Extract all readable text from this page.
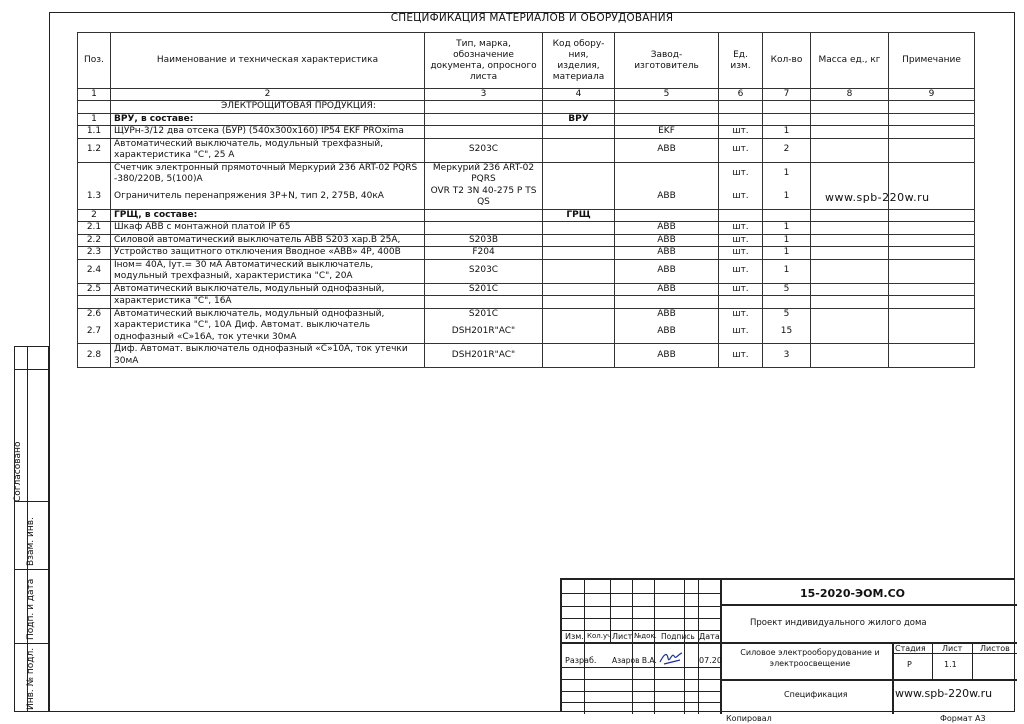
СПЕЦИФИКАЦИЯ МАТЕРИАЛОВ И ОБОРУДОВАНИЯ
Поз.	Наименование и техническая характеристика	Тип, марка, обозначение документа, опросного листа	Код обору- ния, изделия, материала	Завод- изготовитель	Ед. изм.	Кол-во	Масса ед., кг	Примечание
1	2	3	4	5	6	7	8	9
	ЭЛЕКТРОЩИТОВАЯ ПРОДУКЦИЯ:							
1	ВРУ, в составе:		ВРУ					
1.1	ЩУРн-3/12 два отсека (БУР) (540х300х160) IP54 EKF PROxima			EKF	шт.	1		
1.2	Автоматический выключатель, модульный трехфазный, характеристика "С", 25 А	S203C		ABB	шт.	2		
	Счетчик электронный прямоточный Меркурий 236 ART-02 PQRS -380/220В, 5(100)А	Меркурий 236 ART-02 PQRS			шт.	1		
1.3	Ограничитель перенапряжения 3P+N, тип 2, 275В, 40кА	OVR T2 3N 40-275 P TS QS		ABB	шт.	1		
2	ГРЩ, в составе:		ГРЩ					
2.1	Шкаф ABB с монтажной платой IP 65			ABB	шт.	1		
2.2	Силовой автоматический выключатель ABB S203 хар.В 25А,	S203B		ABB	шт.	1		
2.3	Устройство защитного отключения Вводное «ABB» 4P, 400В	F204		ABB	шт.	1		
2.4	Iном= 40A, Iут.= 30 мА Автоматический выключатель, модульный трехфазный, характеристика "С", 20А	S203C		ABB	шт.	1		
2.5	Автоматический выключатель, модульный однофазный,	S201C		ABB	шт.	5		
	характеристика "С", 16А							
2.6	Автоматический выключатель, модульный однофазный,	S201C		ABB	шт.	5		
2.7	характеристика "С", 10А Диф. Автомат. выключатель однофазный «С»16А, ток утечки 30мА	DSH201R"AC"		ABB	шт.	15		
2.8	Диф. Автомат. выключатель однофазный «С»10А, ток утечки 30мА	DSH201R"AC"		ABB	шт.	3		
www.spb-220w.ru
Согласовано
Взам. инв.
Подп. и дата
Инв. № подл.
15-2020-ЭОМ.СО
Проект индивидуального жилого дома
Изм. Кол.уч Лист №док. Подпись Дата
Разраб. Азаров В.А.	07.20
Силовое электрооборудование и электроосвещение
Стадия Лист Листов
Р	1.1
Спецификация	www.spb-220w.ru
Копировал	Формат А3
